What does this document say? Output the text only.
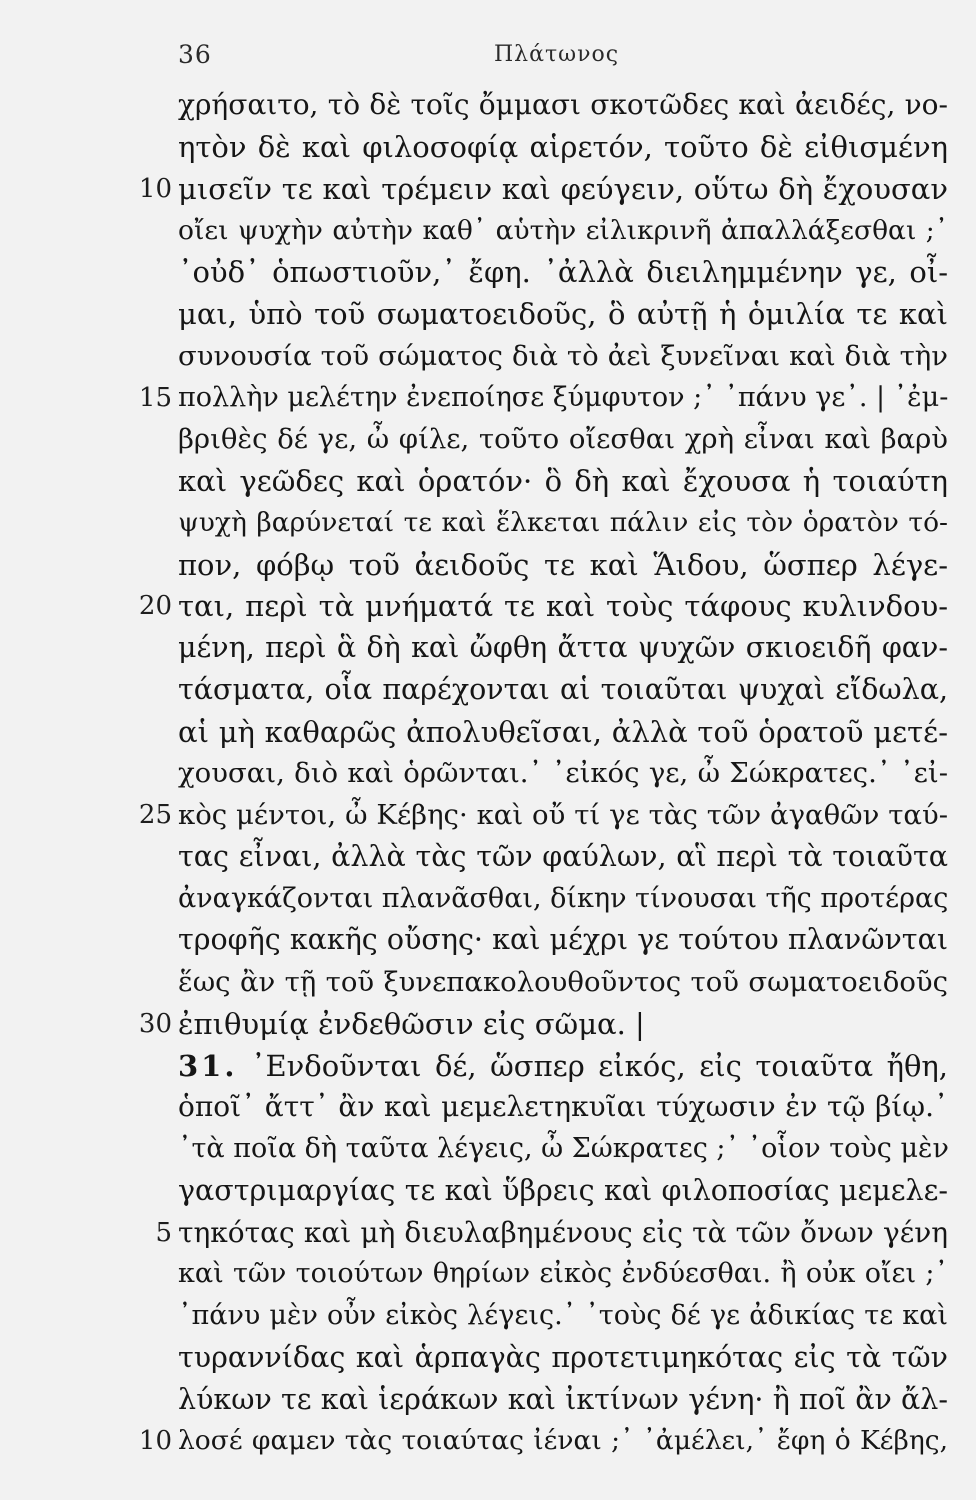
36	Πλάτωνος
χρήσαιτο, τὸ δὲ τοῖς ὄμμασι σκοτῶδες καὶ ἀειδές, νο-
ητὸν δὲ καὶ φιλοσοφίᾳ αἱρετόν, τοῦτο δὲ εἰθισμένη
μισεῖν τε καὶ τρέμειν καὶ φεύγειν, οὕτω δὴ ἔχουσαν
οἴει ψυχὴν αὐτὴν καθ᾽ αὑτὴν εἰλικρινῆ ἀπαλλάξεσθαι ;᾽
᾽οὐδ᾽ ὁπωστιοῦν,᾽ ἔφη. ᾽ἀλλὰ διειλημμένην γε, οἶ-
μαι, ὑπὸ τοῦ σωματοειδοῦς, ὃ αὐτῇ ἡ ὁμιλία τε καὶ
συνουσία τοῦ σώματος διὰ τὸ ἀεὶ ξυνεῖναι καὶ διὰ τὴν
πολλὴν μελέτην ἐνεποίησε ξύμφυτον ;᾽ ᾽πάνυ γε᾽. | ᾽ἐμ-
βριθὲς δέ γε, ὦ φίλε, τοῦτο οἴεσθαι χρὴ εἶναι καὶ βαρὺ
καὶ γεῶδες καὶ ὁρατόν· ὃ δὴ καὶ ἔχουσα ἡ τοιαύτη
ψυχὴ βαρύνεταί τε καὶ ἕλκεται πάλιν εἰς τὸν ὁρατὸν τό-
πον, φόβῳ τοῦ ἀειδοῦς τε καὶ Ἅιδου, ὥσπερ λέγε-
ται, περὶ τὰ μνήματά τε καὶ τοὺς τάφους κυλινδου-
μένη, περὶ ἃ δὴ καὶ ὤφθη ἄττα ψυχῶν σκιοειδῆ φαν-
τάσματα, οἷα παρέχονται αἱ τοιαῦται ψυχαὶ εἴδωλα,
αἱ μὴ καθαρῶς ἀπολυθεῖσαι, ἀλλὰ τοῦ ὁρατοῦ μετέ-
χουσαι, διὸ καὶ ὁρῶνται.᾽ ᾽εἰκός γε, ὦ Σώκρατες.᾽ ᾽εἰ-
κὸς μέντοι, ὦ Κέβης· καὶ οὔ τί γε τὰς τῶν ἀγαθῶν ταύ-
τας εἶναι, ἀλλὰ τὰς τῶν φαύλων, αἳ περὶ τὰ τοιαῦτα
ἀναγκάζονται πλανᾶσθαι, δίκην τίνουσαι τῆς προτέρας
τροφῆς κακῆς οὔσης· καὶ μέχρι γε τούτου πλανῶνται
ἕως ἂν τῇ τοῦ ξυνεπακολουθοῦντος τοῦ σωματοειδοῦς
ἐπιθυμίᾳ ἐνδεθῶσιν εἰς σῶμα. |
31. ᾽Ενδοῦνται δέ, ὥσπερ εἰκός, εἰς τοιαῦτα ἤθη,
ὁποῖ᾽ ἄττ᾽ ἂν καὶ μεμελετηκυῖαι τύχωσιν ἐν τῷ βίῳ.᾽
᾽τὰ ποῖα δὴ ταῦτα λέγεις, ὦ Σώκρατες ;᾽ ᾽οἷον τοὺς μὲν
γαστριμαργίας τε καὶ ὕβρεις καὶ φιλοποσίας μεμελε-
τηκότας καὶ μὴ διευλαβημένους εἰς τὰ τῶν ὄνων γένη
καὶ τῶν τοιούτων θηρίων εἰκὸς ἐνδύεσθαι. ἢ οὐκ οἴει ;᾽
᾽πάνυ μὲν οὖν εἰκὸς λέγεις.᾽ ᾽τοὺς δέ γε ἀδικίας τε καὶ
τυραννίδας καὶ ἁρπαγὰς προτετιμηκότας εἰς τὰ τῶν
λύκων τε καὶ ἱεράκων καὶ ἰκτίνων γένη· ἢ ποῖ ἂν ἄλ-
λοσέ φαμεν τὰς τοιαύτας ἰέναι ;᾽ ᾽ἀμέλει,᾽ ἔφη ὁ Κέβης,
10
15
20
25
30
5
10
